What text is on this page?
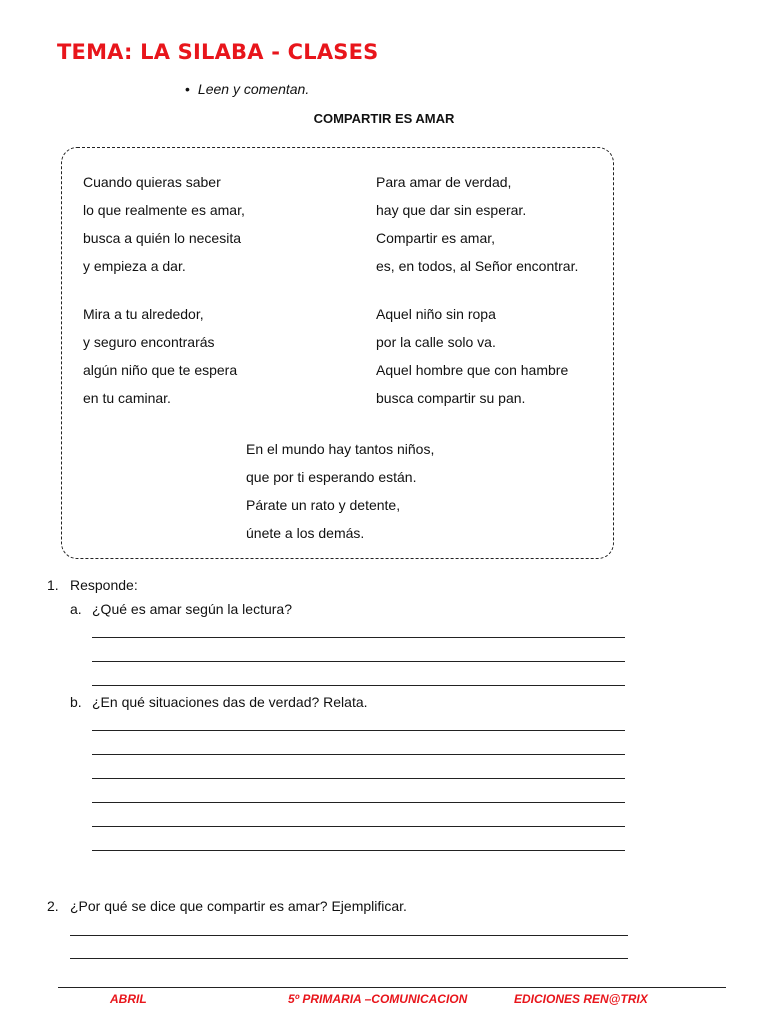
TEMA: LA SILABA - CLASES
• Leen y comentan.
COMPARTIR ES AMAR
Cuando quieras saber
lo que realmente es amar,
busca a quién lo necesita
y empieza a dar.
Mira a tu alrededor,
y seguro encontrarás
algún niño que te espera
en tu caminar.
Para amar de verdad,
hay que dar sin esperar.
Compartir es amar,
es, en todos, al Señor encontrar.
Aquel niño sin ropa
por la calle solo va.
Aquel hombre que con hambre
busca compartir su pan.
En el mundo hay tantos niños,
que por ti esperando están.
Párate un rato y detente,
únete a los demás.
1. Responde:
a. ¿Qué es amar según la lectura?
b. ¿En qué situaciones das de verdad? Relata.
2. ¿Por qué se dice que compartir es amar? Ejemplificar.
ABRIL	5º PRIMARIA –COMUNICACION	EDICIONES REN@TRIX
